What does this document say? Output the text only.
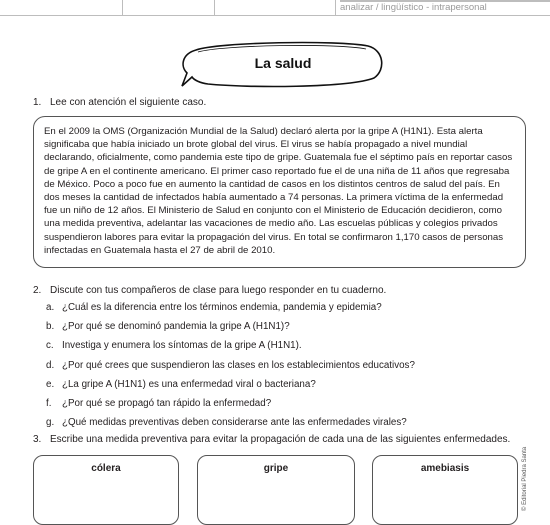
analizar / lingüístico - intrapersonal
La salud
1. Lee con atención el siguiente caso.

En el 2009 la OMS (Organización Mundial de la Salud) declaró alerta por la gripe A (H1N1). Esta alerta significaba que había iniciado un brote global del virus. El virus se había propagado a nivel mundial declarando, oficialmente, como pandemia este tipo de gripe. Guatemala fue el séptimo país en reportar casos de gripe A en el continente americano. El primer caso reportado fue el de una niña de 11 años que regresaba de México. Poco a poco fue en aumento la cantidad de casos en los distintos centros de salud del país. En dos meses la cantidad de infectados había aumentado a 74 personas. La primera víctima de la enfermedad fue un niño de 12 años. El Ministerio de Salud en conjunto con el Ministerio de Educación decidieron, como una medida preventiva, adelantar las vacaciones de medio año. Las escuelas públicas y colegios privados suspendieron labores para evitar la propagación del virus. En total se confirmaron 1,170 casos de personas infectadas en Guatemala hasta el 27 de abril de 2010.

2. Discute con tus compañeros de clase para luego responder en tu cuaderno.
a. ¿Cuál es la diferencia entre los términos endemia, pandemia y epidemia?
b. ¿Por qué se denominó pandemia la gripe A (H1N1)?
c. Investiga y enumera los síntomas de la gripe A (H1N1).
d. ¿Por qué crees que suspendieron las clases en los establecimientos educativos?
e. ¿La gripe A (H1N1) es una enfermedad viral o bacteriana?
f.	¿Por qué se propagó tan rápido la enfermedad?
g. ¿Qué medidas preventivas deben considerarse ante las enfermedades virales?
3. Escribe una medida preventiva para evitar la propagación de cada una de las siguientes enfermedades.
cólera	gripe	amebiasis	© Editorial Piedra Santa
